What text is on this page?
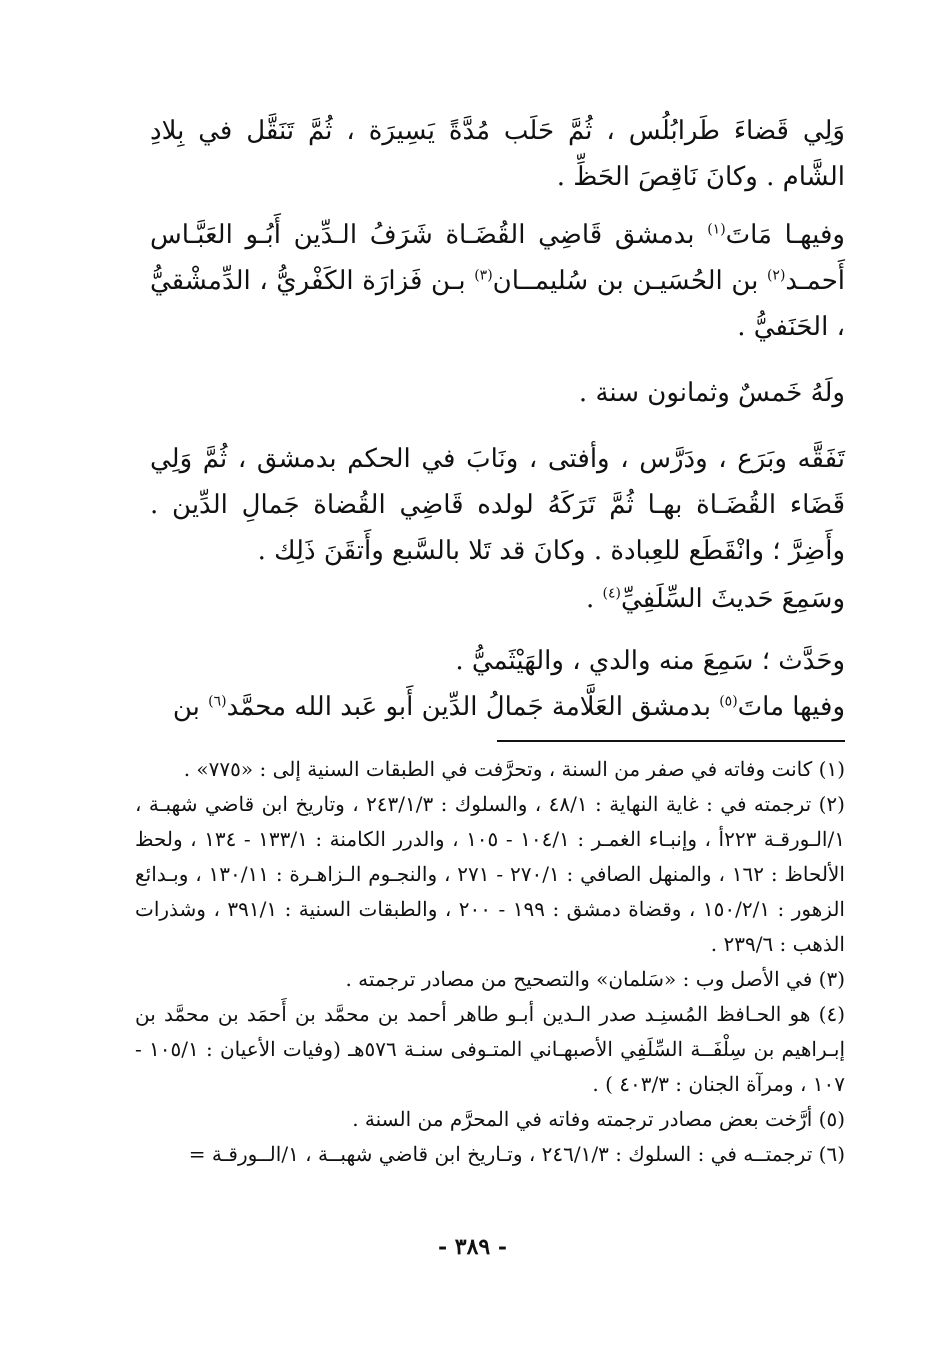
وَلِي قَضاءَ طَرابُلُس ، ثُمَّ حَلَب مُدَّةً يَسِيرَة ، ثُمَّ تَنَقَّل في بِلادِ الشَّام . وكانَ نَاقِصَ الحَظِّ .

وفيهـا مَاتَ$^{(١)}$ بدمشق قَاضِي القُضَـاة شَرَفُ الـدِّين أَبُـو العَبَّـاس أَحمـد$^{(٢)}$ بن الحُسَيـن بن سُليمــان$^{(٣)}$ بـن فَزارَة الكَفْريُّ ، الدِّمشْقيُّ ، الحَنَفيُّ .

ولَهُ خَمسٌ وثمانون سنة .

تَفَقَّه وبَرَع ، ودَرَّس ، وأفتى ، ونَابَ في الحكم بدمشق ، ثُمَّ وَلِي قَضَاء القُضَـاة بهـا ثُمَّ تَرَكَهُ لولده قَاضِي القُضاة جَمالِ الدِّين . وأَضِرَّ ؛ وانْقَطَع للعِبادة . وكانَ قد تَلا بالسَّبع وأَتقَنَ ذَلِك .

وسَمِعَ حَديثَ السِّلَفِيِّ$^{(٤)}$ .

وحَدَّث ؛ سَمِعَ منه والدي ، والهَيْثَميُّ .

وفيها ماتَ$^{(٥)}$ بدمشق العَلَّامة جَمالُ الدِّين أَبو عَبد الله محمَّد$^{(٦)}$ بن

(١) كانت وفاته في صفر من السنة ، وتحرَّفت في الطبقات السنية إلى : «٧٧٥» .

(٢) ترجمته في : غاية النهاية : ٤٨/١ ، والسلوك : ٢٤٣/١/٣ ، وتاريخ ابن قاضي شهبـة ، ١/الـورقـة ٢٢٣أ ، وإنبـاء الغمـر : ١٠٤/١ - ١٠٥ ، والدرر الكامنة : ١٣٣/١ - ١٣٤ ، ولحظ الألحاظ : ١٦٢ ، والمنهل الصافي : ٢٧٠/١ - ٢٧١ ، والنجـوم الـزاهـرة : ١٣٠/١١ ، وبـدائع الزهور : ١٥٠/٢/١ ، وقضاة دمشق : ١٩٩ - ٢٠٠ ، والطبقات السنية : ٣٩١/١ ، وشذرات الذهب : ٢٣٩/٦ .

(٣) في الأصل وب : «سَلمان» والتصحيح من مصادر ترجمته .

(٤) هو الحـافظ المُسنِـد صدر الـدين أبـو طاهر أحمد بن محمَّد بن أَحمَد بن محمَّد بن إبـراهيم بن سِلْفَــة السِّلَفِي الأصبهـاني المتـوفى سنـة ٥٧٦هـ (وفيات الأعيان : ١٠٥/١ - ١٠٧ ، ومرآة الجنان : ٤٠٣/٣ ) .

(٥) أرَّخت بعض مصادر ترجمته وفاته في المحرَّم من السنة .

(٦) ترجمتــه في : السلوك : ٢٤٦/١/٣ ، وتـاريخ ابن قاضي شهبــة ، ١/الــورقـة =

- ٣٨٩ -
